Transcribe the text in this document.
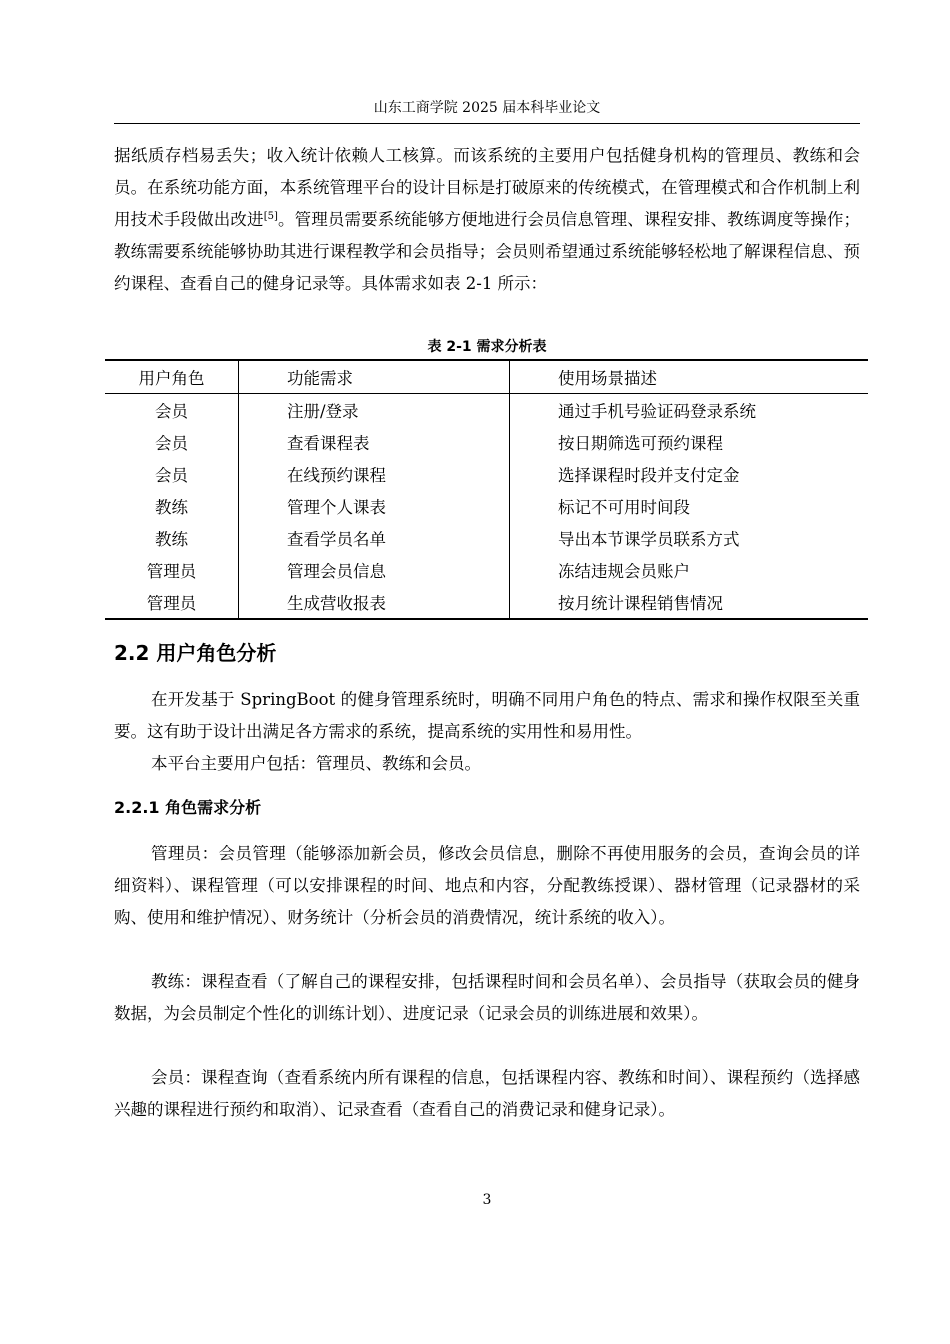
山东工商学院 2025 届本科毕业论文

据纸质存档易丢失；收入统计依赖人工核算。而该系统的主要用户包括健身机构的管理员、教练和会员。在系统功能方面，本系统管理平台的设计目标是打破原来的传统模式，在管理模式和合作机制上利用技术手段做出改进[5]。管理员需要系统能够方便地进行会员信息管理、课程安排、教练调度等操作；教练需要系统能够协助其进行课程教学和会员指导；会员则希望通过系统能够轻松地了解课程信息、预约课程、查看自己的健身记录等。具体需求如表 2-1 所示：

表 2-1 需求分析表
用户角色	功能需求	使用场景描述
会员	注册/登录	通过手机号验证码登录系统
会员	查看课程表	按日期筛选可预约课程
会员	在线预约课程	选择课程时段并支付定金
教练	管理个人课表	标记不可用时间段
教练	查看学员名单	导出本节课学员联系方式
管理员	管理会员信息	冻结违规会员账户
管理员	生成营收报表	按月统计课程销售情况
2.2 用户角色分析

在开发基于 SpringBoot 的健身管理系统时，明确不同用户角色的特点、需求和操作权限至关重要。这有助于设计出满足各方需求的系统，提高系统的实用性和易用性。

本平台主要用户包括：管理员、教练和会员。

2.2.1 角色需求分析

管理员：会员管理（能够添加新会员，修改会员信息，删除不再使用服务的会员，查询会员的详细资料）、课程管理（可以安排课程的时间、地点和内容，分配教练授课）、器材管理（记录器材的采购、使用和维护情况）、财务统计（分析会员的消费情况，统计系统的收入）。

教练：课程查看（了解自己的课程安排，包括课程时间和会员名单）、会员指导（获取会员的健身数据，为会员制定个性化的训练计划）、进度记录（记录会员的训练进展和效果）。

会员：课程查询（查看系统内所有课程的信息，包括课程内容、教练和时间）、课程预约（选择感兴趣的课程进行预约和取消）、记录查看（查看自己的消费记录和健身记录）。

3
